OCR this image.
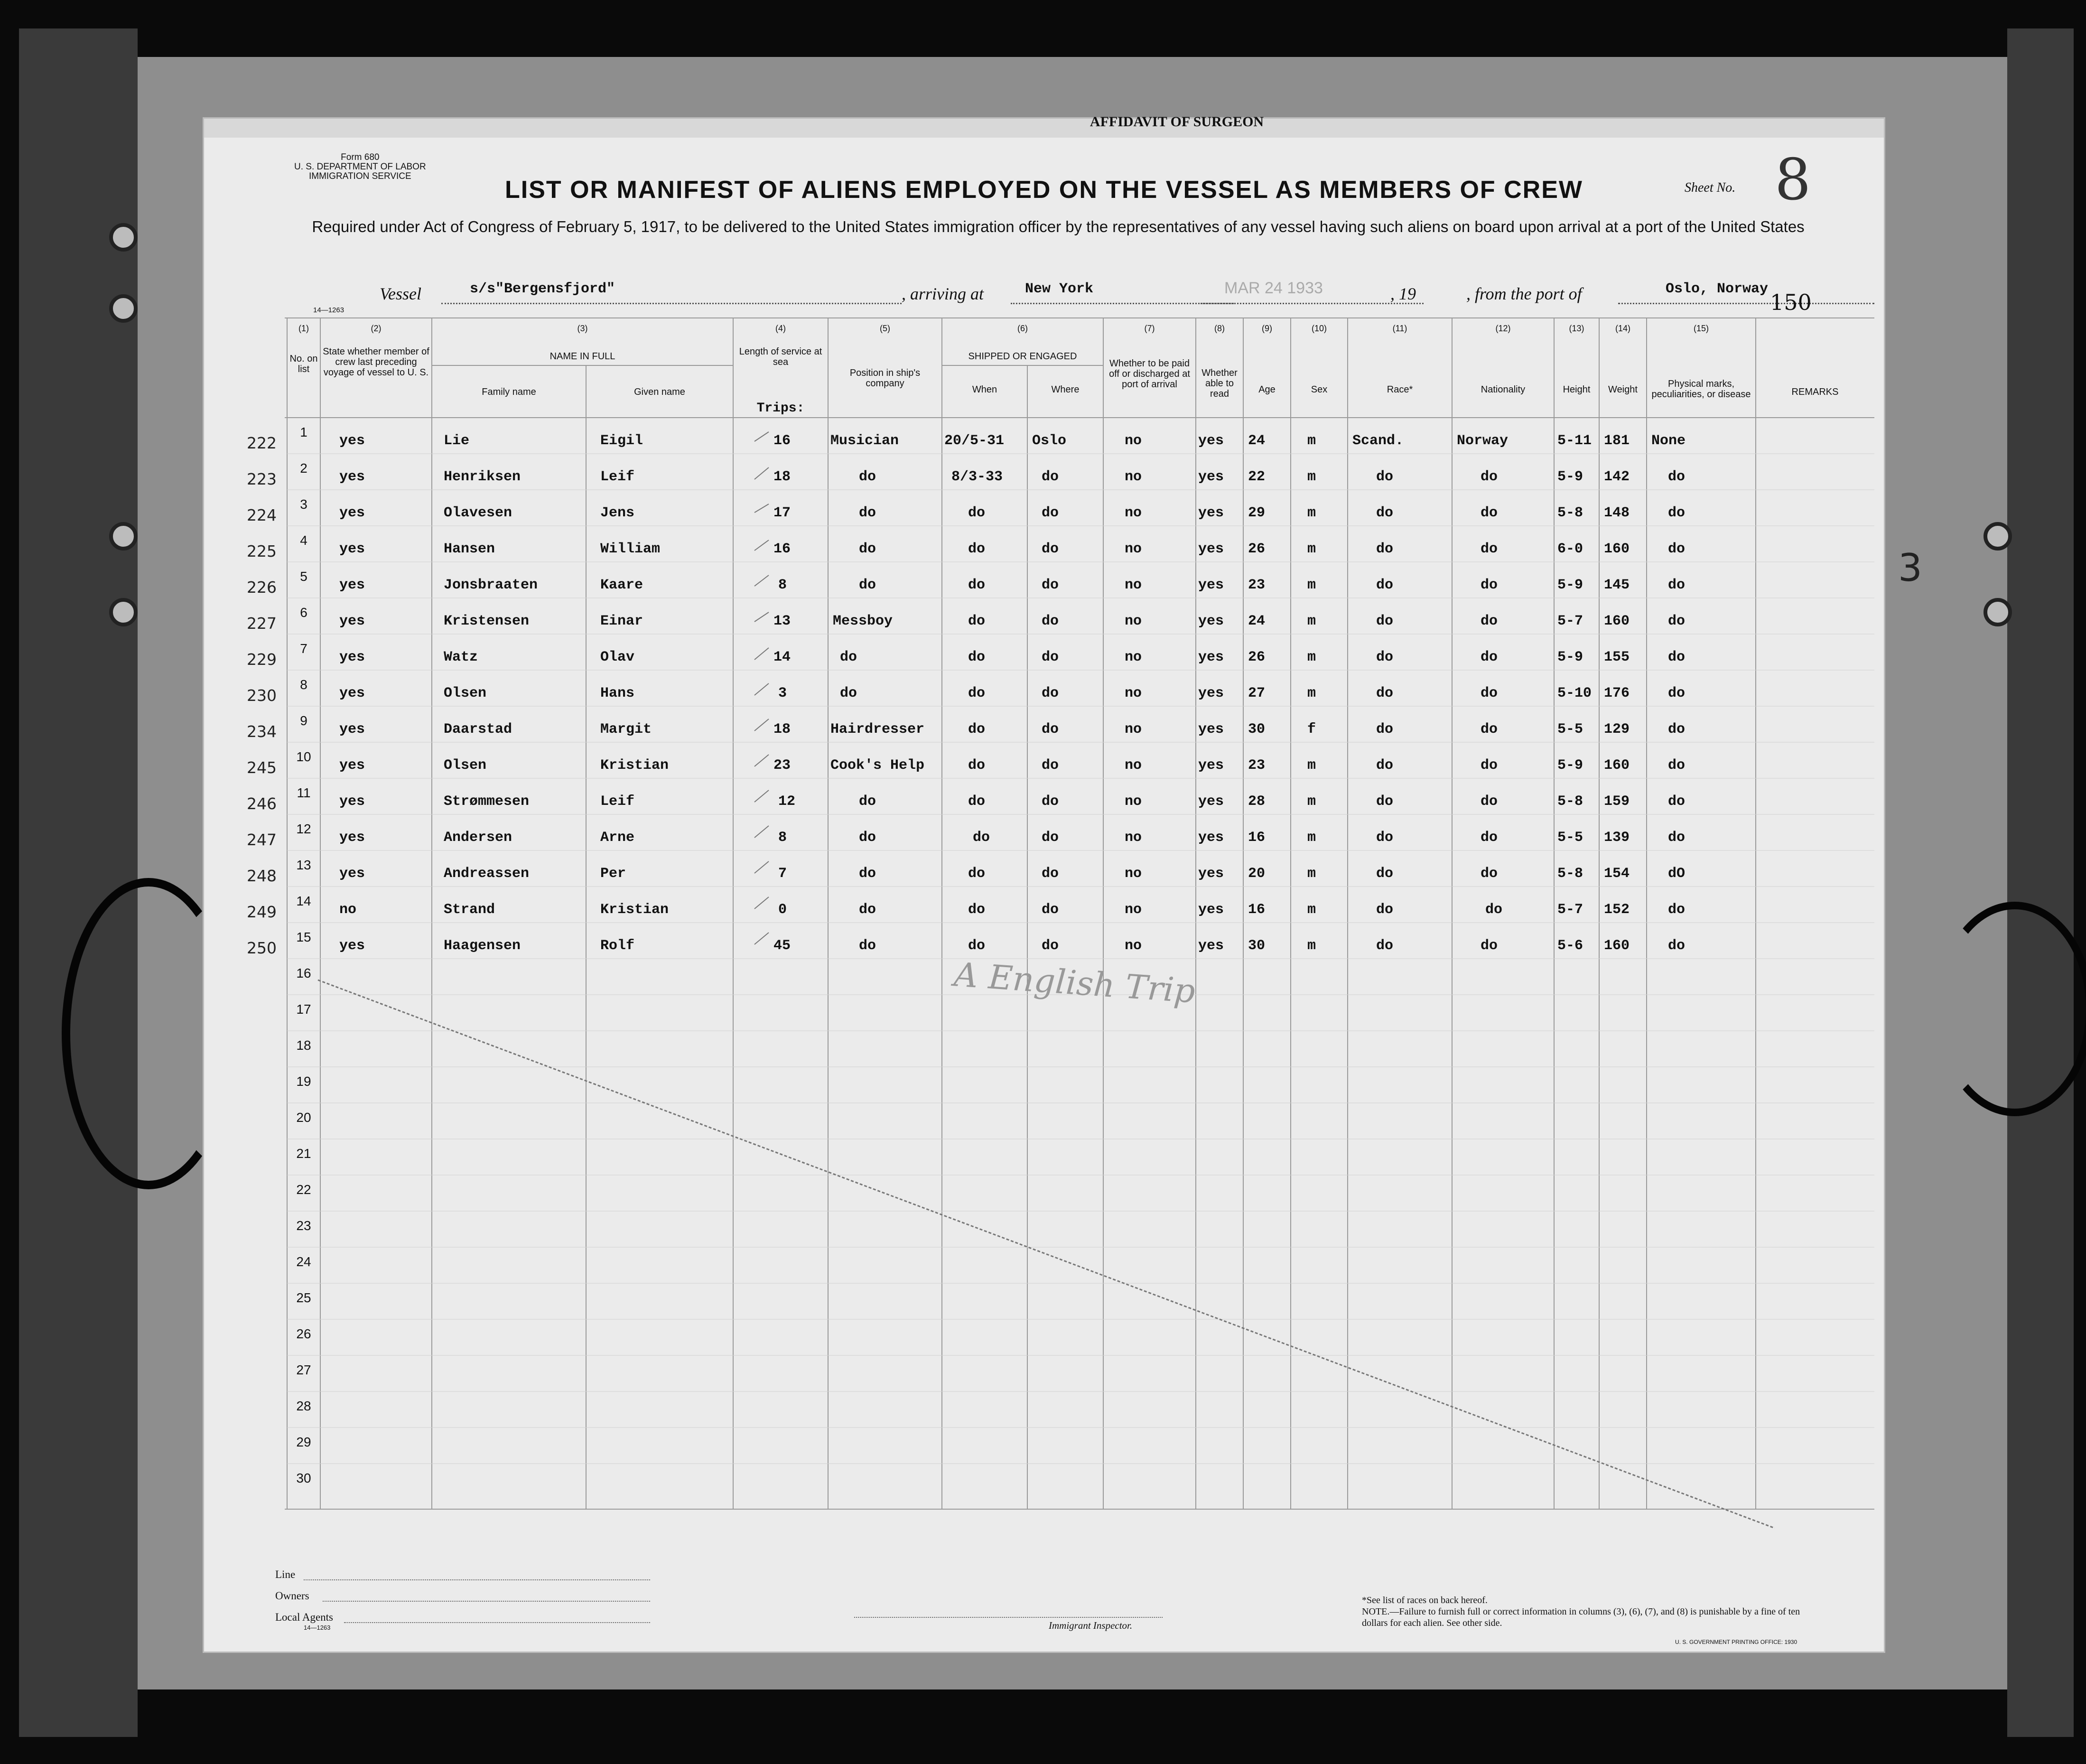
3
AFFIDAVIT OF SURGEON
Form 680
U. S. DEPARTMENT OF LABOR
IMMIGRATION SERVICE
Sheet No. 8
LIST OR MANIFEST OF ALIENS EMPLOYED ON THE VESSEL AS MEMBERS OF CREW
Required under Act of Congress of February 5, 1917, to be delivered to the United States immigration officer by the representatives of any vessel having such aliens on board upon arrival at a port of the United States
Vessel	s/s"Bergensfjord"	, arriving at	New York	MAR 24 1933	, 19	, from the port of	Oslo, Norway
150
14—1263
(1)	(2)	(3)	(4)	(5)	(6)	(7)	(8)	(9)	(10)	(11)	(12)	(13)	(14)	(15)
No. on list
State whether member of crew last preceding voyage of vessel to U. S.
NAME IN FULL
Family name	Given name
Length of service at sea
Trips:
Position in ship's company
SHIPPED OR ENGAGED
When	Where
Whether to be paid off or discharged at port of arrival
Whether able to read	Age	Sex	Race*	Nationality	Height	Weight
Physical marks, peculiarities, or disease	REMARKS
222
1
yes	Lie	Eigil	16	Musician	20/5-31 Oslo	no	yes 24	m	Scand.	Norway	5-11 181 None
223
2
yes	Henriksen	Leif	18	do	8/3-33	do	no	yes 22	m	do	do	5-9 142	do
224
3
yes	Olavesen	Jens	17	do	do	do	no	yes 29	m	do	do	5-8 148	do
225
4
yes	Hansen	William	16	do	do	do	no	yes 26	m	do	do	6-0 160	do
226
5
yes	Jonsbraaten	Kaare	8	do	do	do	no	yes 23	m	do	do	5-9 145	do
227
6
yes	Kristensen	Einar	13	Messboy	do	do	no	yes 24	m	do	do	5-7 160	do
229
7
yes	Watz	Olav	14	do	do	do	no	yes 26	m	do	do	5-9 155	do
230
8
yes	Olsen	Hans	3	do	do	do	no	yes 27	m	do	do	5-10 176	do
234
9
yes	Daarstad	Margit	18	Hairdresser	do	do	no	yes 30	f	do	do	5-5 129	do
245
10
yes	Olsen	Kristian	23	Cook's Help	do	do	no	yes 23	m	do	do	5-9 160	do
246
11
yes	Strømmesen	Leif	12	do	do	do	no	yes 28	m	do	do	5-8 159	do
247
12
yes	Andersen	Arne	8	do	do	do	no	yes 16	m	do	do	5-5 139	do
248
13
yes	Andreassen	Per	7	do	do	do	no	yes 20	m	do	do	5-8 154	dO
249
14
no	Strand	Kristian	0	do	do	do	no	yes 16	m	do	do	5-7 152	do
250
15
yes	Haagensen	Rolf	45	do	do	do	no	yes 30	m	do	do	5-6 160	do
16
17
18
19
20
21
22
23
24
25
26
27
28
29
30
A English Trip
Line
Owners
Local Agents
14—1263	Immigrant Inspector.
*See list of races on back hereof.
NOTE.—Failure to furnish full or correct information in columns (3), (6), (7), and (8) is punishable by a fine of ten dollars for each alien. See other side.
U. S. GOVERNMENT PRINTING OFFICE: 1930
